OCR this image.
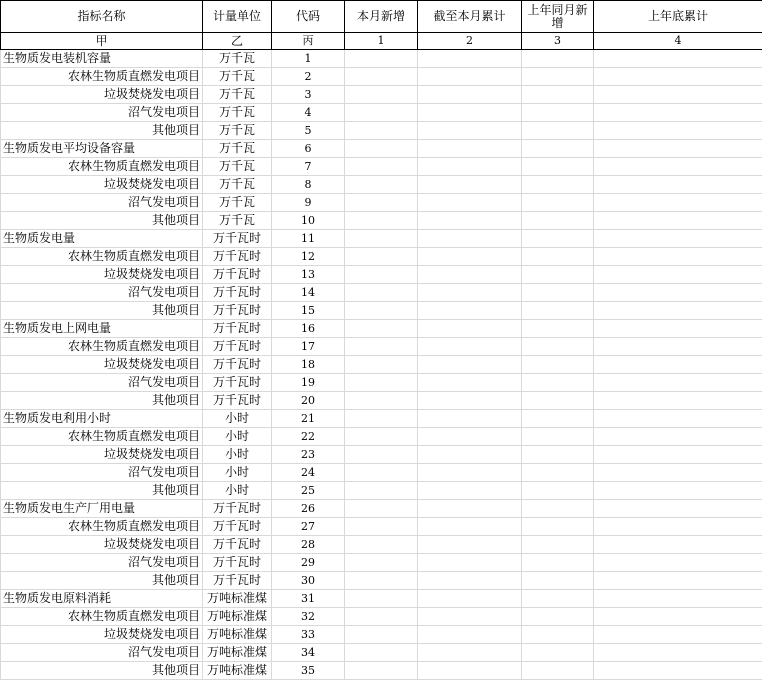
指标名称	计量单位	代码	本月新增	截至本月累计	上年同月新增	上年底累计
甲	乙	丙	1	2	3	4
生物质发电装机容量	万千瓦	1				
农林生物质直燃发电项目	万千瓦	2				
垃圾焚烧发电项目	万千瓦	3				
沼气发电项目	万千瓦	4				
其他项目	万千瓦	5				
生物质发电平均设备容量	万千瓦	6				
农林生物质直燃发电项目	万千瓦	7				
垃圾焚烧发电项目	万千瓦	8				
沼气发电项目	万千瓦	9				
其他项目	万千瓦	10				
生物质发电量	万千瓦时	11				
农林生物质直燃发电项目	万千瓦时	12				
垃圾焚烧发电项目	万千瓦时	13				
沼气发电项目	万千瓦时	14				
其他项目	万千瓦时	15				
生物质发电上网电量	万千瓦时	16				
农林生物质直燃发电项目	万千瓦时	17				
垃圾焚烧发电项目	万千瓦时	18				
沼气发电项目	万千瓦时	19				
其他项目	万千瓦时	20				
生物质发电利用小时	小时	21				
农林生物质直燃发电项目	小时	22				
垃圾焚烧发电项目	小时	23				
沼气发电项目	小时	24				
其他项目	小时	25				
生物质发电生产厂用电量	万千瓦时	26				
农林生物质直燃发电项目	万千瓦时	27				
垃圾焚烧发电项目	万千瓦时	28				
沼气发电项目	万千瓦时	29				
其他项目	万千瓦时	30				
生物质发电原料消耗	万吨标准煤	31				
农林生物质直燃发电项目	万吨标准煤	32				
垃圾焚烧发电项目	万吨标准煤	33				
沼气发电项目	万吨标准煤	34				
其他项目	万吨标准煤	35				
